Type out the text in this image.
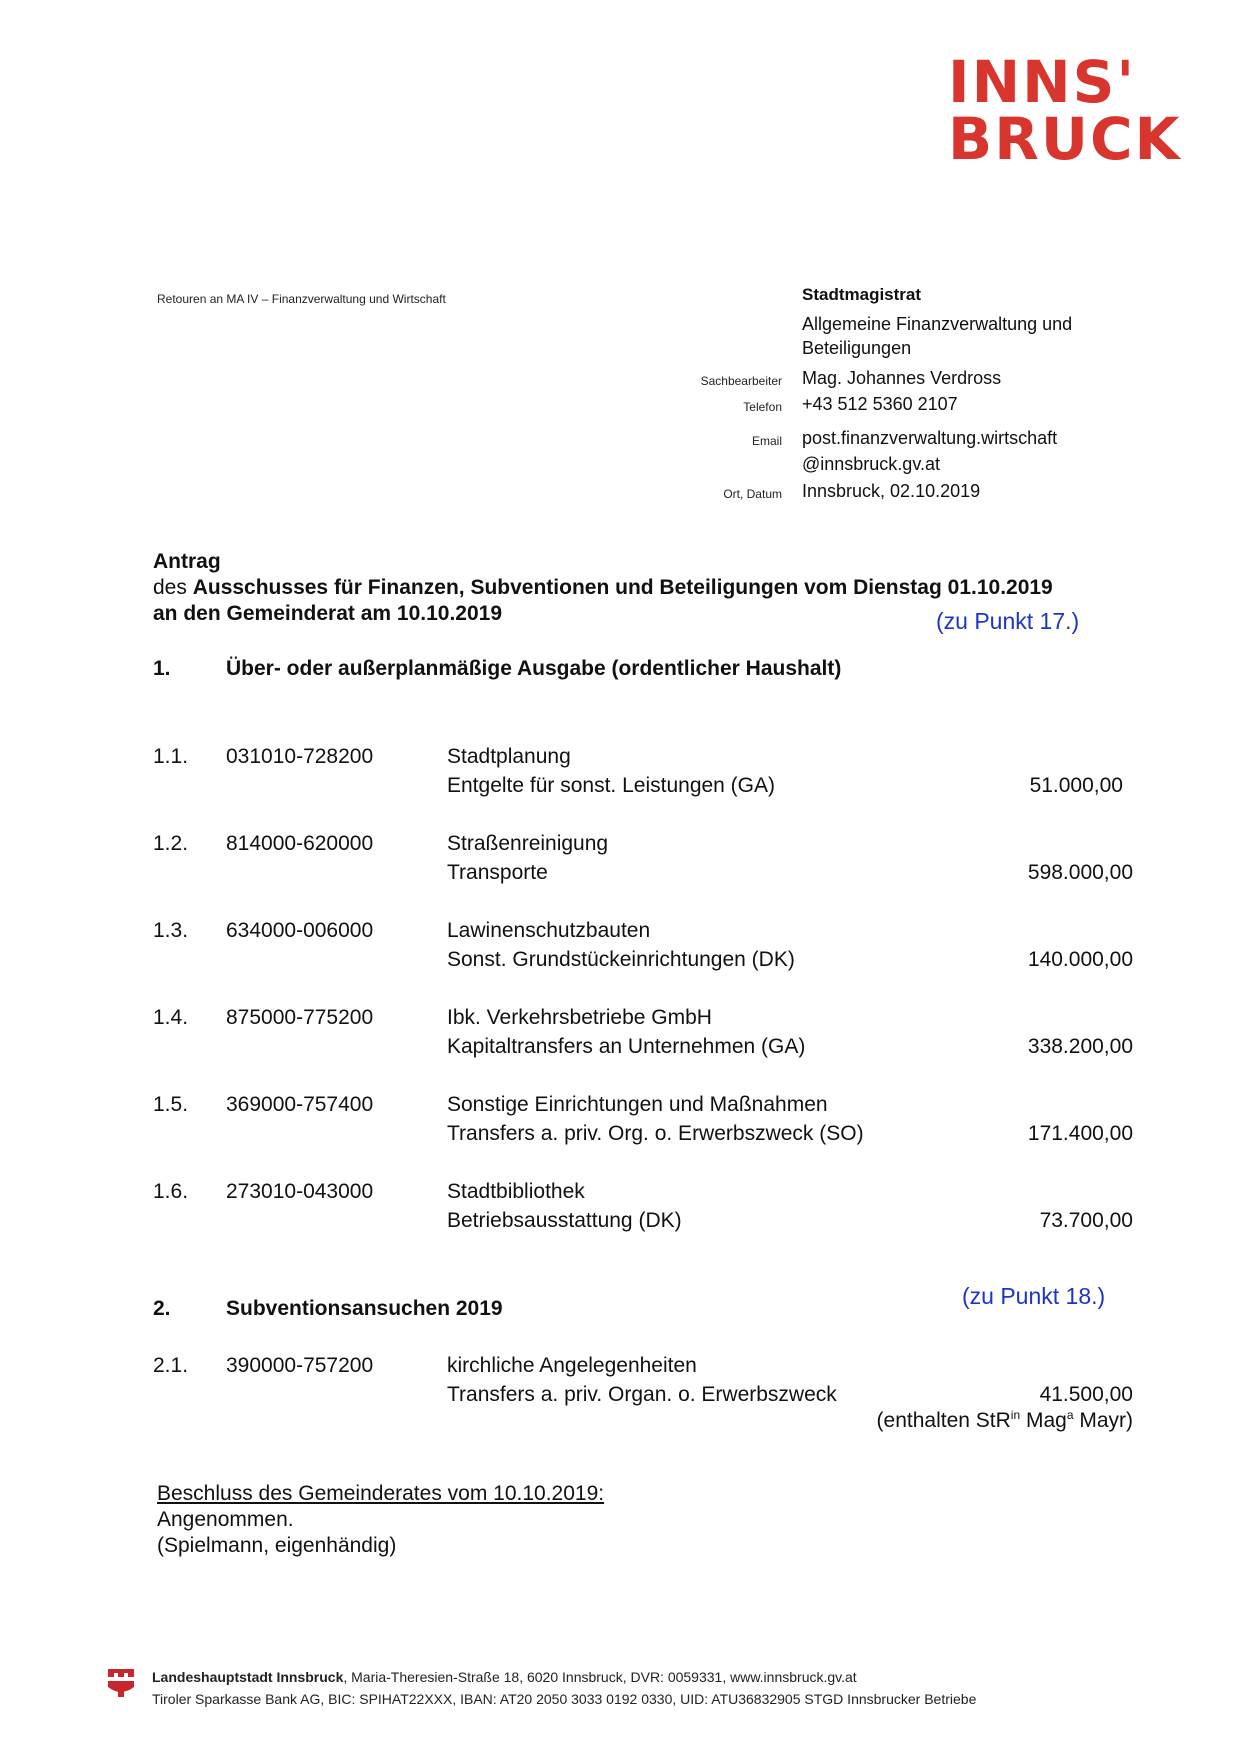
INNS'
BRUCK
Retouren an MA IV – Finanzverwaltung und Wirtschaft	Stadtmagistrat
Allgemeine Finanzverwaltung und Beteiligungen
Sachbearbeiter Mag. Johannes Verdross
Telefon +43 512 5360 2107
Email post.finanzverwaltung.wirtschaft
@innsbruck.gv.at
Ort, Datum Innsbruck, 02.10.2019
Antrag
des Ausschusses für Finanzen, Subventionen und Beteiligungen vom Dienstag 01.10.2019
an den Gemeinderat am 10.10.2019	(zu Punkt 17.)
1.	Über- oder außerplanmäßige Ausgabe (ordentlicher Haushalt)
1.1. 031010-728200	Stadtplanung
Entgelte für sonst. Leistungen (GA)	51.000,00
1.2. 814000-620000	Straßenreinigung
Transporte	598.000,00
1.3. 634000-006000	Lawinenschutzbauten
Sonst. Grundstückeinrichtungen (DK)	140.000,00
1.4. 875000-775200	Ibk. Verkehrsbetriebe GmbH
Kapitaltransfers an Unternehmen (GA)	338.200,00
1.5. 369000-757400	Sonstige Einrichtungen und Maßnahmen
Transfers a. priv. Org. o. Erwerbszweck (SO)	171.400,00
1.6. 273010-043000	Stadtbibliothek
Betriebsausstattung (DK)	73.700,00
(zu Punkt 18.)
2.	Subventionsansuchen 2019
2.1. 390000-757200	kirchliche Angelegenheiten
Transfers a. priv. Organ. o. Erwerbszweck	41.500,00
(enthalten StR$^{in}$ Mag$^a$ Mayr)
Beschluss des Gemeinderates vom 10.10.2019:
Angenommen.
(Spielmann, eigenhändig)
Landeshauptstadt Innsbruck, Maria-Theresien-Straße 18, 6020 Innsbruck, DVR: 0059331, www.innsbruck.gv.at
Tiroler Sparkasse Bank AG, BIC: SPIHAT22XXX, IBAN: AT20 2050 3033 0192 0330, UID: ATU36832905 STGD Innsbrucker Betriebe
